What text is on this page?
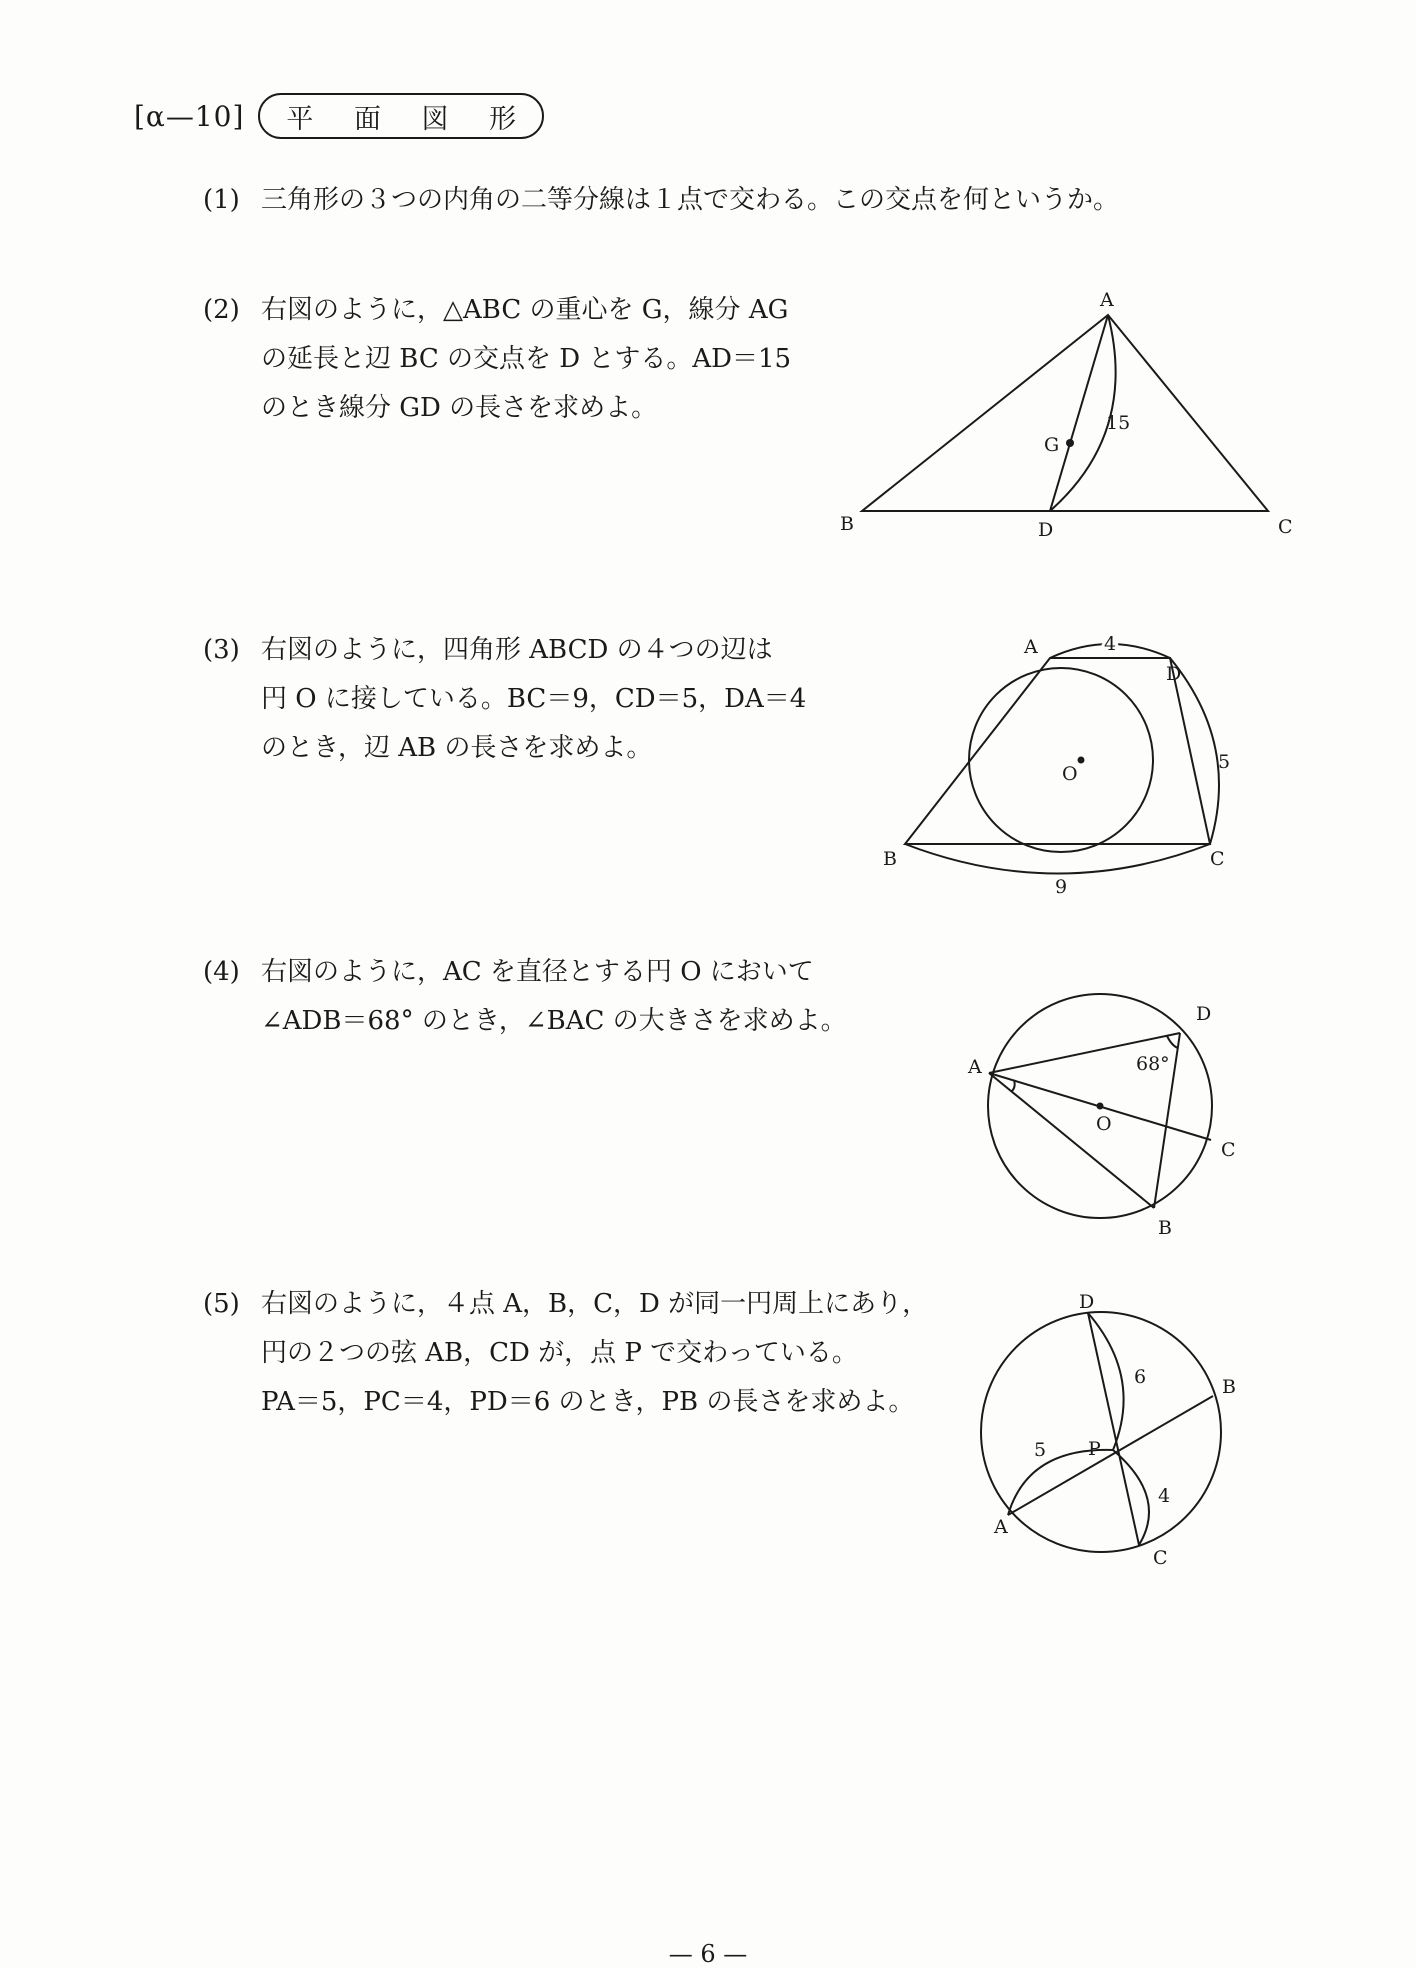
[α—10] 平 面 図 形
(1) 三角形の３つの内角の二等分線は１点で交わる。この交点を何というか。
(2) 右図のように，△ABC の重心を G，線分 AG
の延長と辺 BC の交点を D とする。AD＝15
のとき線分 GD の長さを求めよ。
A
B	C
D
G
15
(3) 右図のように，四角形 ABCD の４つの辺は
円 O に接している。BC＝9，CD＝5，DA＝4
のとき，辺 AB の長さを求めよ。
A
D
B	C
O
4
5
9
(4) 右図のように，AC を直径とする円 O において
∠ADB＝68° のとき，∠BAC の大きさを求めよ。
A
D
C
B
O
68°
(5) 右図のように，４点 A，B，C，D が同一円周上にあり，
円の２つの弦 AB，CD が，点 P で交わっている。
PA＝5，PC＝4，PD＝6 のとき，PB の長さを求めよ。
D
B
A
C
P
5
4
6
— 6 —
